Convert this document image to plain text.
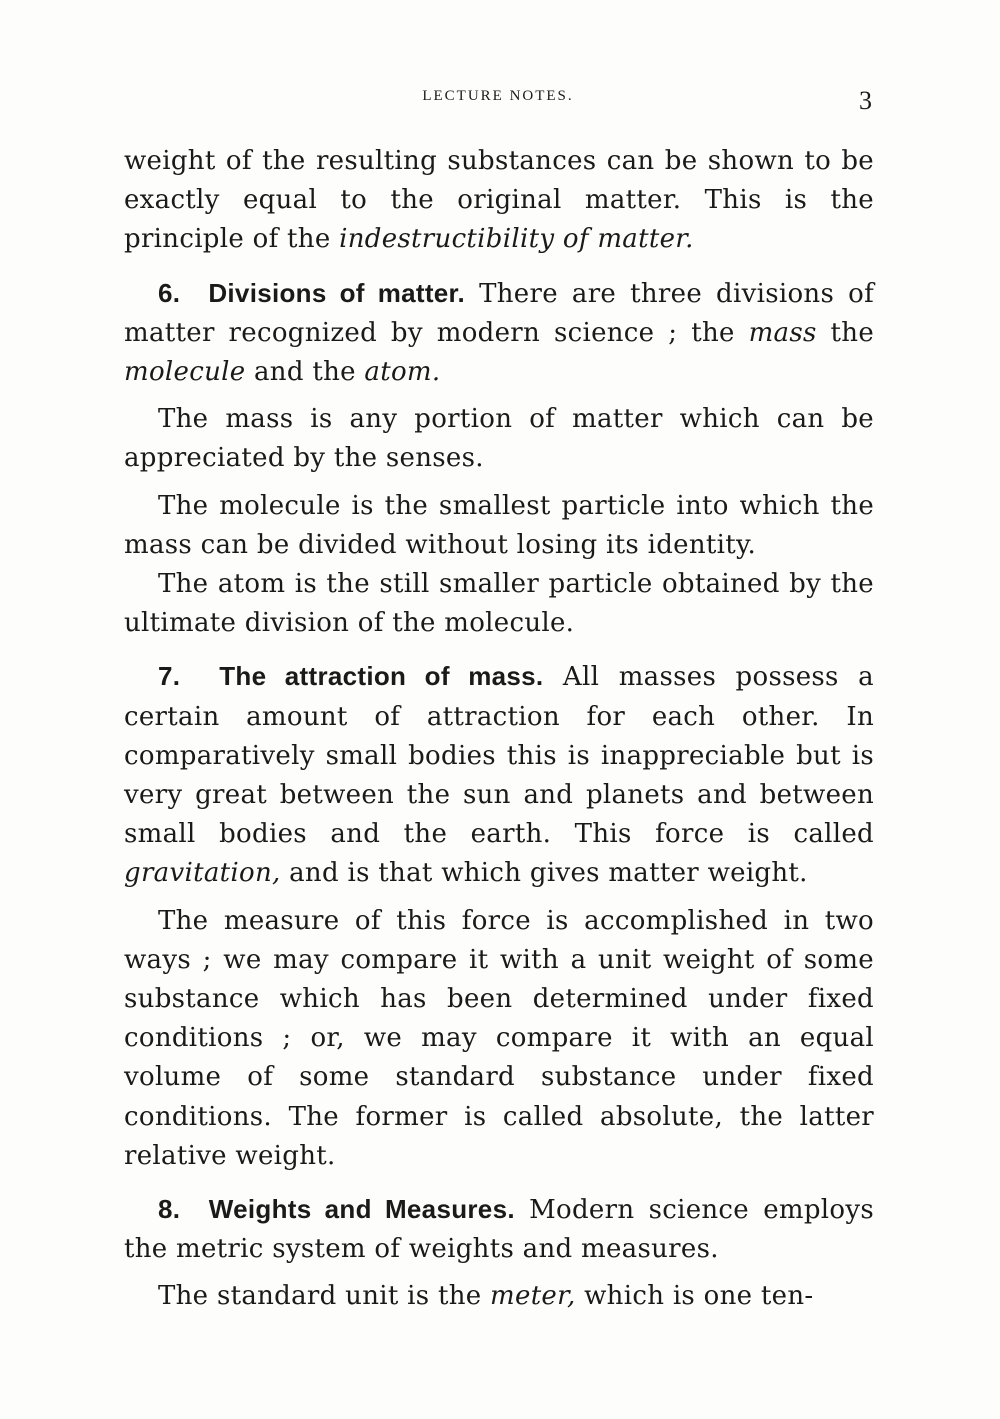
LECTURE NOTES.	3

weight of the resulting substances can be shown to be exactly equal to the original matter. This is the principle of the indestructibility of matter.

6. Divisions of matter. There are three divisions of matter recognized by modern science ; the mass the molecule and the atom.

The mass is any portion of matter which can be appreciated by the senses.

The molecule is the smallest particle into which the mass can be divided without losing its identity.

The atom is the still smaller particle obtained by the ultimate division of the molecule.

7. The attraction of mass. All masses possess a certain amount of attraction for each other. In comparatively small bodies this is inappreciable but is very great between the sun and planets and between small bodies and the earth. This force is called gravitation, and is that which gives matter weight.

The measure of this force is accomplished in two ways ; we may compare it with a unit weight of some substance which has been determined under fixed conditions ; or, we may compare it with an equal volume of some standard substance under fixed conditions. The former is called absolute, the latter relative weight.

8. Weights and Measures. Modern science employs the metric system of weights and measures.

The standard unit is the meter, which is one ten-
